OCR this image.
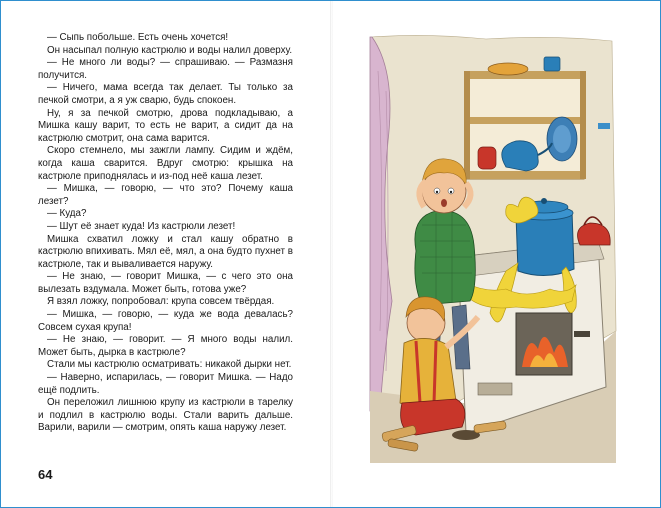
— Сыпь побольше. Есть очень хочется!

Он насыпал полную кастрюлю и воды налил доверху.

— Не много ли воды? — спрашиваю. — Размазня получится.

— Ничего, мама всегда так делает. Ты только за печкой смотри, а я уж сварю, будь спокоен.

Ну, я за печкой смотрю, дрова подкладываю, а Мишка кашу варит, то есть не варит, а сидит да на кастрюлю смотрит, она сама варится.

Скоро стемнело, мы зажгли лампу. Сидим и ждём, когда каша сварится. Вдруг смотрю: крышка на кастрюле приподнялась и из-под неё каша лезет.

— Мишка, — говорю, — что это? Почему каша лезет?

— Куда?

— Шут её знает куда! Из кастрюли лезет!

Мишка схватил ложку и стал кашу обратно в кастрюлю впихивать. Мял её, мял, а она будто пухнет в кастрюле, так и вываливается наружу.

— Не знаю, — говорит Мишка, — с чего это она вылезать вздумала. Может быть, готова уже?

Я взял ложку, попробовал: крупа совсем твёрдая.

— Мишка, — говорю, — куда же вода девалась? Совсем сухая крупа!

— Не знаю, — говорит. — Я много воды налил. Может быть, дырка в кастрюле?

Стали мы кастрюлю осматривать: никакой дырки нет.

— Наверно, испарилась, — говорит Мишка. — Надо ещё подлить.

Он переложил лишнюю крупу из кастрюли в тарелку и подлил в кастрюлю воды. Стали варить дальше. Варили, варили — смотрим, опять каша наружу лезет.

64
